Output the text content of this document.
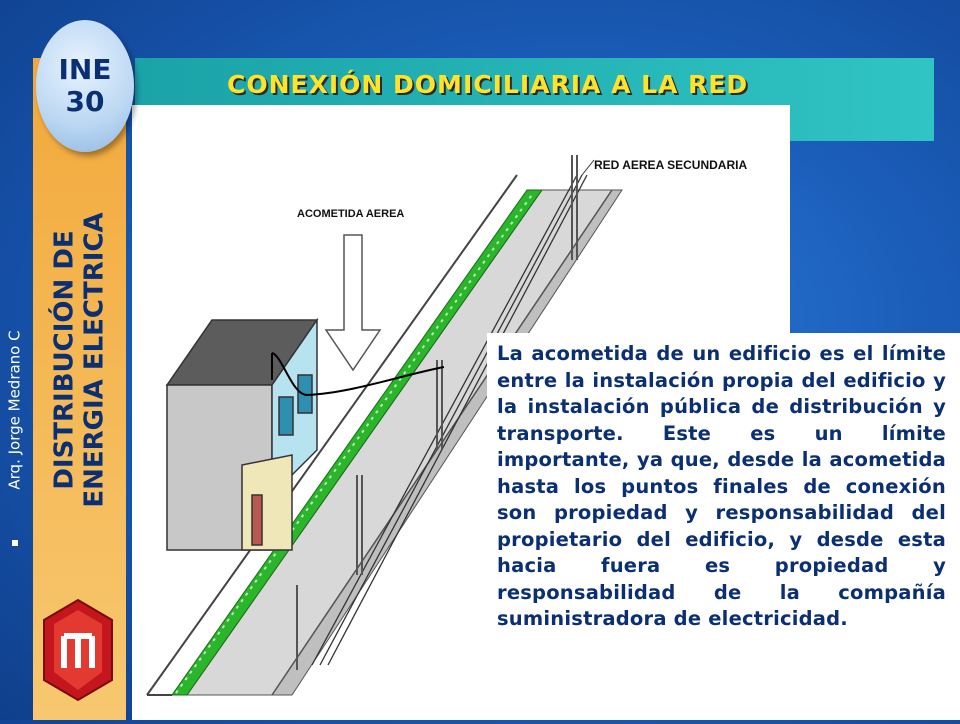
CONEXIÓN DOMICILIARIA A LA RED
RED AEREA SECUNDARIA
ACOMETIDA AEREA

La acometida de un edificio es el límite entre la instalación propia del edificio y la instalación pública de distribución y transporte. Este es un límite importante, ya que, desde la acometida hasta los puntos finales de conexión son propiedad y responsabilidad del propietario del edificio, y desde esta hacia fuera es propiedad y responsabilidad de la compañía suministradora de electricidad.

INE
30
DISTRIBUCIÓN DE ENERGIA ELECTRICA
Arq. Jorge Medrano C
